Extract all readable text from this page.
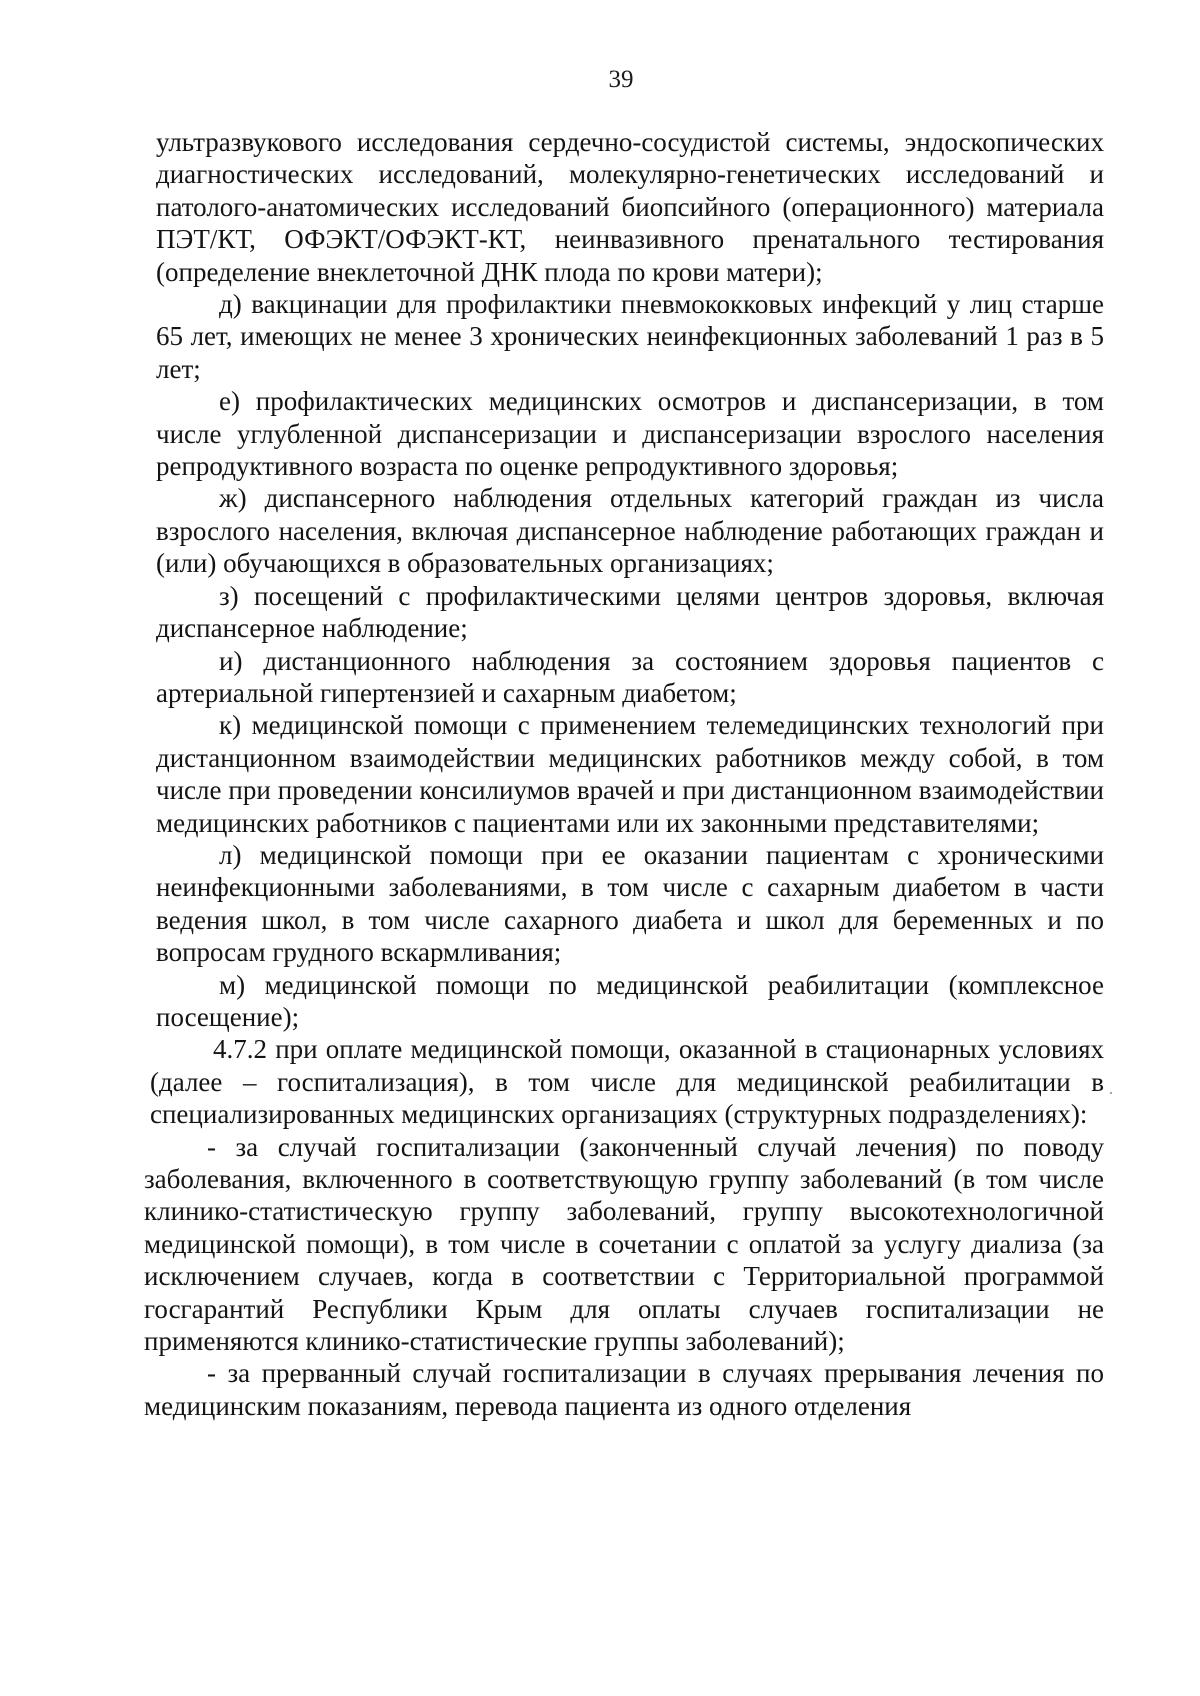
39

ультразвукового исследования сердечно-сосудистой системы, эндоскопических диагностических исследований, молекулярно-генетических исследований и патолого-анатомических исследований биопсийного (операционного) материала ПЭТ/КТ, ОФЭКТ/ОФЭКТ-КТ, неинвазивного пренатального тестирования (определение внеклеточной ДНК плода по крови матери);

д) вакцинации для профилактики пневмококковых инфекций у лиц старше 65 лет, имеющих не менее 3 хронических неинфекционных заболеваний 1 раз в 5 лет;

е) профилактических медицинских осмотров и диспансеризации, в том числе углубленной диспансеризации и диспансеризации взрослого населения репродуктивного возраста по оценке репродуктивного здоровья;

ж) диспансерного наблюдения отдельных категорий граждан из числа взрослого населения, включая диспансерное наблюдение работающих граждан и (или) обучающихся в образовательных организациях;

з) посещений с профилактическими целями центров здоровья, включая диспансерное наблюдение;

и) дистанционного наблюдения за состоянием здоровья пациентов с артериальной гипертензией и сахарным диабетом;

к) медицинской помощи с применением телемедицинских технологий при дистанционном взаимодействии медицинских работников между собой, в том числе при проведении консилиумов врачей и при дистанционном взаимодействии медицинских работников с пациентами или их законными представителями;

л) медицинской помощи при ее оказании пациентам с хроническими неинфекционными заболеваниями, в том числе с сахарным диабетом в части ведения школ, в том числе сахарного диабета и школ для беременных и по вопросам грудного вскармливания;

м) медицинской помощи по медицинской реабилитации (комплексное посещение);

4.7.2 при оплате медицинской помощи, оказанной в стационарных условиях (далее – госпитализация), в том числе для медицинской реабилитации в специализированных медицинских организациях (структурных подразделениях):

- за случай госпитализации (законченный случай лечения) по поводу заболевания, включенного в соответствующую группу заболеваний (в том числе клинико-статистическую группу заболеваний, группу высокотехнологичной медицинской помощи), в том числе в сочетании с оплатой за услугу диализа (за исключением случаев, когда в соответствии с Территориальной программой госгарантий Республики Крым для оплаты случаев госпитализации не применяются клинико-статистические группы заболеваний);

- за прерванный случай госпитализации в случаях прерывания лечения по медицинским показаниям, перевода пациента из одного отделения
